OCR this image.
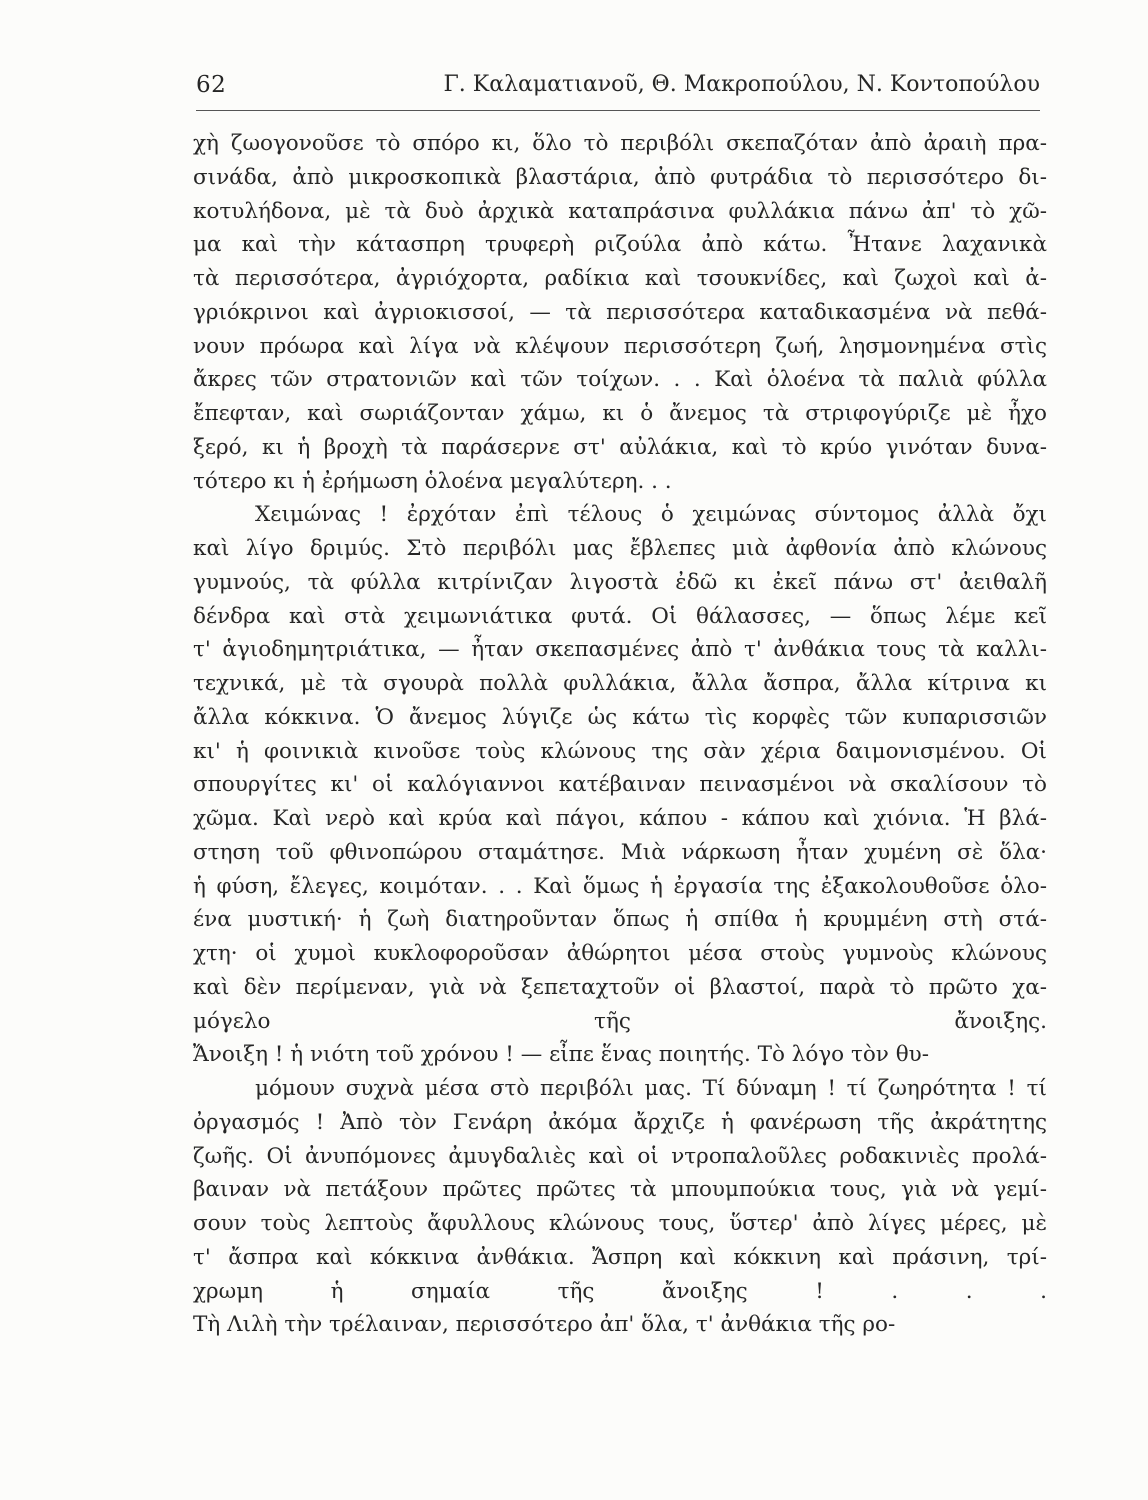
62	Γ. Καλαματιανοῦ, Θ. Μακροπούλου, Ν. Κοντοπούλου
χὴ ζωογονοῦσε τὸ σπόρο κι, ὅλο τὸ περιβόλι σκεπαζόταν ἀπὸ ἀραιὴ πρα-
σινάδα, ἀπὸ μικροσκοπικὰ βλαστάρια, ἀπὸ φυτράδια τὸ περισσότερο δι-
κοτυλήδονα, μὲ τὰ δυὸ ἀρχικὰ καταπράσινα φυλλάκια πάνω ἀπ' τὸ χῶ-
μα καὶ τὴν κάτασπρη τρυφερὴ ριζούλα ἀπὸ κάτω. Ἦτανε λαχανικὰ
τὰ περισσότερα, ἀγριόχορτα, ραδίκια καὶ τσουκνίδες, καὶ ζωχοὶ καὶ ἀ-
γριόκρινοι καὶ ἀγριοκισσοί, — τὰ περισσότερα καταδικασμένα νὰ πεθά-
νουν πρόωρα καὶ λίγα νὰ κλέψουν περισσότερη ζωή, λησμονημένα στὶς
ἄκρες τῶν στρατονιῶν καὶ τῶν τοίχων. . . Καὶ ὁλοένα τὰ παλιὰ φύλλα
ἔπεφταν, καὶ σωριάζονταν χάμω, κι ὁ ἄνεμος τὰ στριφογύριζε μὲ ἦχο
ξερό, κι ἡ βροχὴ τὰ παράσερνε στ' αὐλάκια, καὶ τὸ κρύο γινόταν δυνα-
τότερο κι ἡ ἐρήμωση ὁλοένα μεγαλύτερη. . .
Χειμώνας ! ἐρχόταν ἐπὶ τέλους ὁ χειμώνας σύντομος ἀλλὰ ὄχι
καὶ λίγο δριμύς. Στὸ περιβόλι μας ἔβλεπες μιὰ ἀφθονία ἀπὸ κλώνους
γυμνούς, τὰ φύλλα κιτρίνιζαν λιγοστὰ ἐδῶ κι ἐκεῖ πάνω στ' ἀειθαλῆ
δένδρα καὶ στὰ χειμωνιάτικα φυτά. Οἱ θάλασσες, — ὅπως λέμε κεῖ
τ' ἁγιοδημητριάτικα, — ἦταν σκεπασμένες ἀπὸ τ' ἀνθάκια τους τὰ καλλι-
τεχνικά, μὲ τὰ σγουρὰ πολλὰ φυλλάκια, ἄλλα ἄσπρα, ἄλλα κίτρινα κι
ἄλλα κόκκινα. Ὁ ἄνεμος λύγιζε ὡς κάτω τὶς κορφὲς τῶν κυπαρισσιῶν
κι' ἡ φοινικιὰ κινοῦσε τοὺς κλώνους της σὰν χέρια δαιμονισμένου. Οἱ
σπουργίτες κι' οἱ καλόγιαννοι κατέβαιναν πεινασμένοι νὰ σκαλίσουν τὸ
χῶμα. Καὶ νερὸ καὶ κρύα καὶ πάγοι, κάπου - κάπου καὶ χιόνια. Ἡ βλά-
στηση τοῦ φθινοπώρου σταμάτησε. Μιὰ νάρκωση ἦταν χυμένη σὲ ὅλα·
ἡ φύση, ἔλεγες, κοιμόταν. . . Καὶ ὅμως ἡ ἐργασία της ἐξακολουθοῦσε ὁλο-
ένα μυστική· ἡ ζωὴ διατηροῦνταν ὅπως ἡ σπίθα ἡ κρυμμένη στὴ στά-
χτη· οἱ χυμοὶ κυκλοφοροῦσαν ἀθώρητοι μέσα στοὺς γυμνοὺς κλώνους
καὶ δὲν περίμεναν, γιὰ νὰ ξεπεταχτοῦν οἱ βλαστοί, παρὰ τὸ πρῶτο χα-
μόγελο τῆς ἄνοιξης.
Ἄνοιξη ! ἡ νιότη τοῦ χρόνου ! — εἶπε ἕνας ποιητής. Τὸ λόγο τὸν θυ-
μόμουν συχνὰ μέσα στὸ περιβόλι μας. Τί δύναμη ! τί ζωηρότητα ! τί
ὀργασμός ! Ἀπὸ τὸν Γενάρη ἀκόμα ἄρχιζε ἡ φανέρωση τῆς ἀκράτητης
ζωῆς. Οἱ ἀνυπόμονες ἀμυγδαλιὲς καὶ οἱ ντροπαλοῦλες ροδακινιὲς προλά-
βαιναν νὰ πετάξουν πρῶτες πρῶτες τὰ μπουμπούκια τους, γιὰ νὰ γεμί-
σουν τοὺς λεπτοὺς ἄφυλλους κλώνους τους, ὕστερ' ἀπὸ λίγες μέρες, μὲ
τ' ἄσπρα καὶ κόκκινα ἀνθάκια. Ἄσπρη καὶ κόκκινη καὶ πράσινη, τρί-
χρωμη ἡ σημαία τῆς ἄνοιξης ! . . .
Τὴ Λιλὴ τὴν τρέλαιναν, περισσότερο ἀπ' ὅλα, τ' ἀνθάκια τῆς ρο-
